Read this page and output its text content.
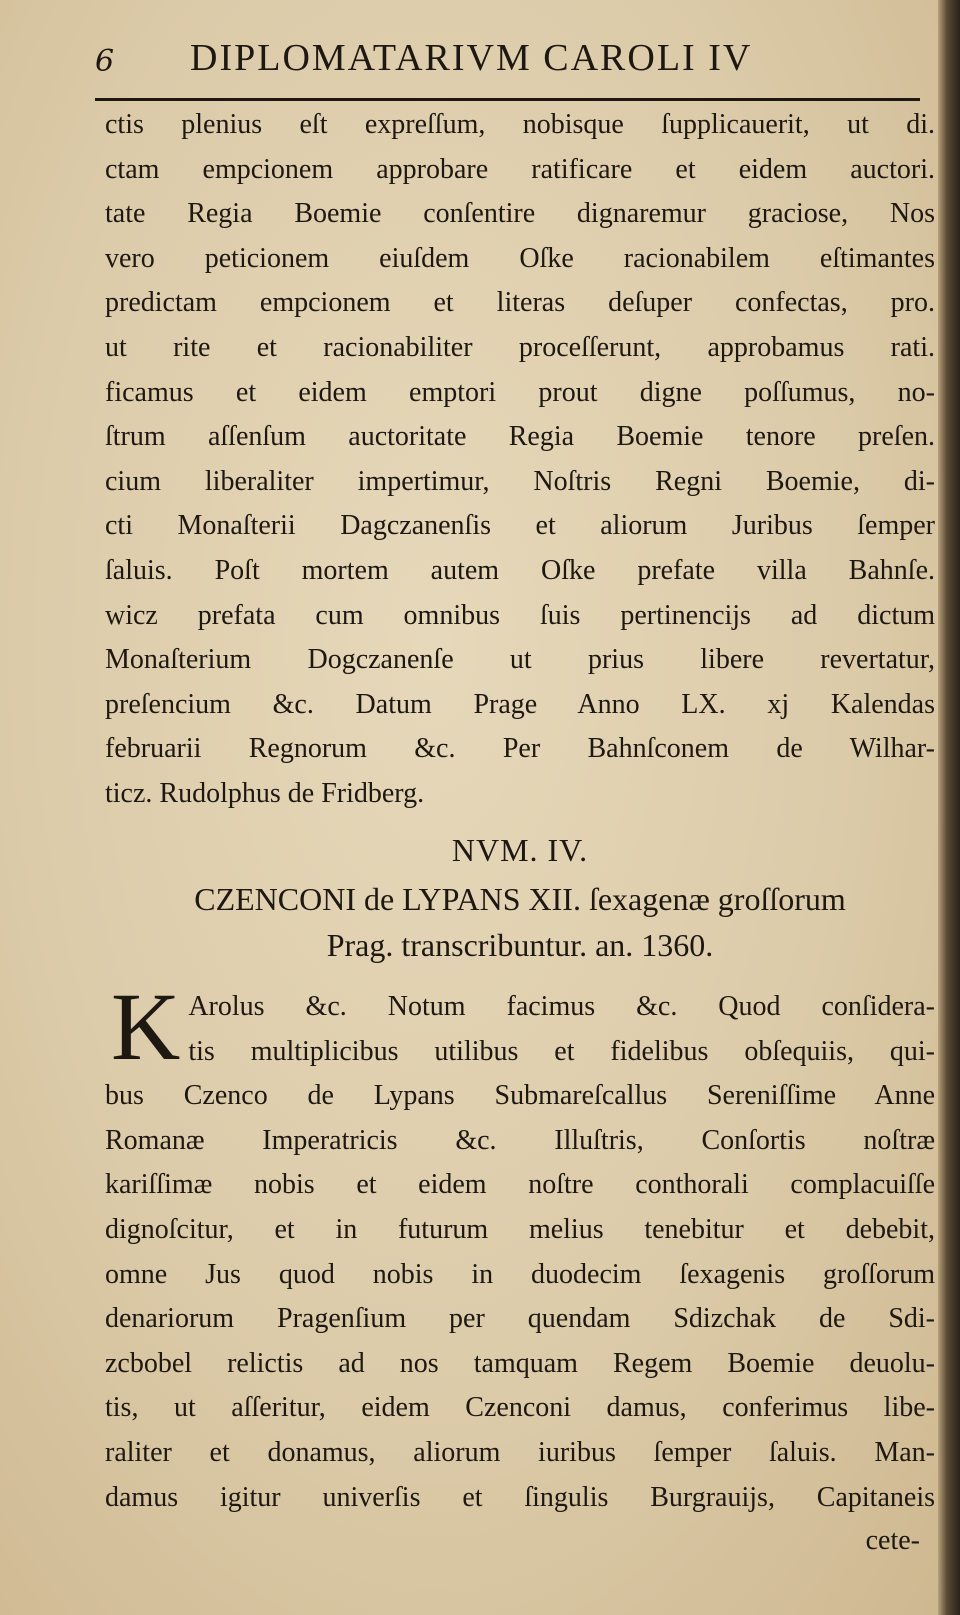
6 DIPLOMATARIVM CAROLI IV
ctis plenius eſt expreſſum, nobisque ſupplicauerit, ut di.
ctam empcionem approbare ratificare et eidem auctori.
tate Regia Boemie conſentire dignaremur graciose, Nos
vero peticionem eiuſdem Oſke racionabilem eſtimantes
predictam empcionem et literas deſuper confectas, pro.
ut rite et racionabiliter proceſſerunt, approbamus rati.
ficamus et eidem emptori prout digne poſſumus, no-
ſtrum aſſenſum auctoritate Regia Boemie tenore preſen.
cium liberaliter impertimur, Noſtris Regni Boemie, di-
cti Monaſterii Dagczanenſis et aliorum Juribus ſemper
ſaluis. Poſt mortem autem Oſke prefate villa Bahnſe.
wicz prefata cum omnibus ſuis pertinencijs ad dictum
Monaſterium Dogczanenſe ut prius libere revertatur,
preſencium &c. Datum Prage Anno LX. xj Kalendas
februarii Regnorum &c. Per Bahnſconem de Wilhar-
ticz. Rudolphus de Fridberg.
NVM. IV.
CZENCONI de LYPANS XII. ſexagenæ groſſorum
Prag. transcribuntur. an. 1360.
K Arolus &c. Notum facimus &c. Quod conſidera-
tis multiplicibus utilibus et fidelibus obſequiis, qui-
bus Czenco de Lypans Submareſcallus Sereniſſime Anne
Romanæ Imperatricis &c. Illuſtris, Conſortis noſtræ
kariſſimæ nobis et eidem noſtre conthorali complacuiſſe
dignoſcitur, et in futurum melius tenebitur et debebit,
omne Jus quod nobis in duodecim ſexagenis groſſorum
denariorum Pragenſium per quendam Sdizchak de Sdi-
zcbobel relictis ad nos tamquam Regem Boemie deuolu-
tis, ut aſſeritur, eidem Czenconi damus, conferimus libe-
raliter et donamus, aliorum iuribus ſemper ſaluis. Man-
damus igitur univerſis et ſingulis Burgrauijs, Capitaneis
cete-
